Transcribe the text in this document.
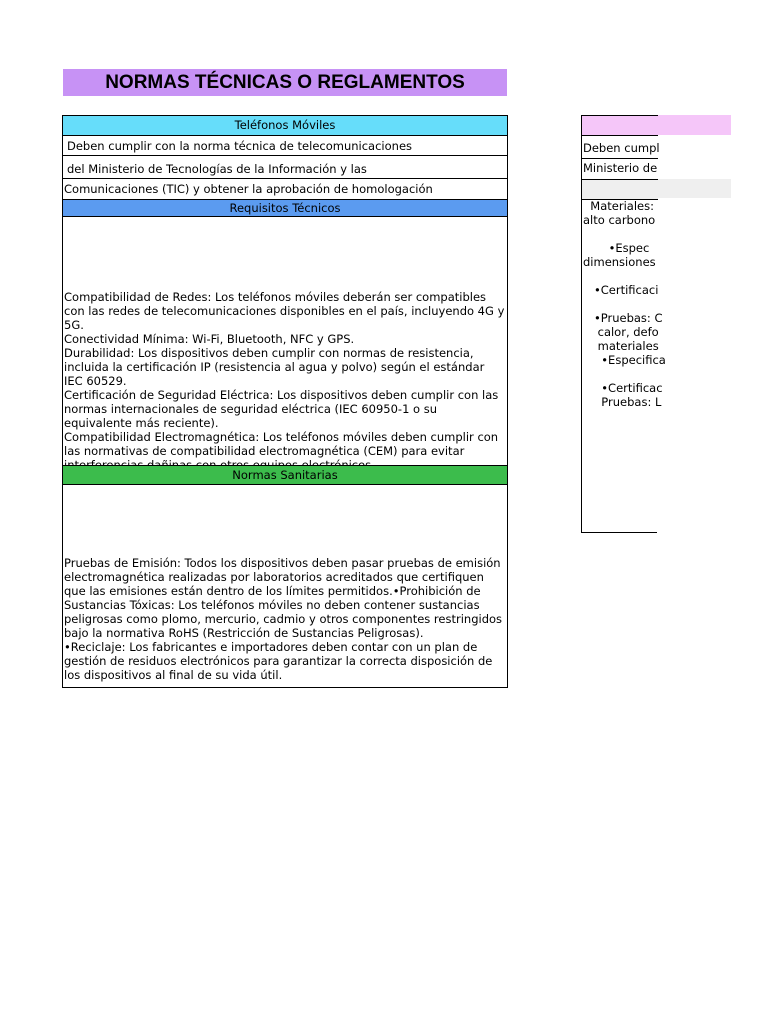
NORMAS TÉCNICAS O REGLAMENTOS
Teléfonos Móviles
Deben cumplir con la norma técnica de telecomunicaciones
del Ministerio de Tecnologías de la Información y las
Comunicaciones (TIC) y obtener la aprobación de homologación
Requisitos Técnicos
Compatibilidad de Redes: Los teléfonos móviles deberán ser compatibles con las redes de telecomunicaciones disponibles en el país, incluyendo 4G y 5G.
Conectividad Mínima: Wi-Fi, Bluetooth, NFC y GPS.
Durabilidad: Los dispositivos deben cumplir con normas de resistencia, incluida la certificación IP (resistencia al agua y polvo) según el estándar IEC 60529.
Certificación de Seguridad Eléctrica: Los dispositivos deben cumplir con las normas internacionales de seguridad eléctrica (IEC 60950-1 o su equivalente más reciente).
Compatibilidad Electromagnética: Los teléfonos móviles deben cumplir con las normativas de compatibilidad electromagnética (CEM) para evitar
Normas Sanitarias
Pruebas de Emisión: Todos los dispositivos deben pasar pruebas de emisión electromagnética realizadas por laboratorios acreditados que certifiquen que las emisiones están dentro de los límites permitidos.•Prohibición de Sustancias Tóxicas: Los teléfonos móviles no deben contener sustancias peligrosas como plomo, mercurio, cadmio y otros componentes restringidos bajo la normativa RoHS (Restricción de Sustancias Peligrosas).
•Reciclaje: Los fabricantes e importadores deben contar con un plan de gestión de residuos electrónicos para garantizar la correcta disposición de los dispositivos al final de su vida útil.
Deben cumpl
Ministerio de
Materiales:
alto carbono

•Espec
dimensiones

•Certificaci

•Pruebas: C
calor, defo
materiales
•Especifica

•Certificac
Pruebas: L
